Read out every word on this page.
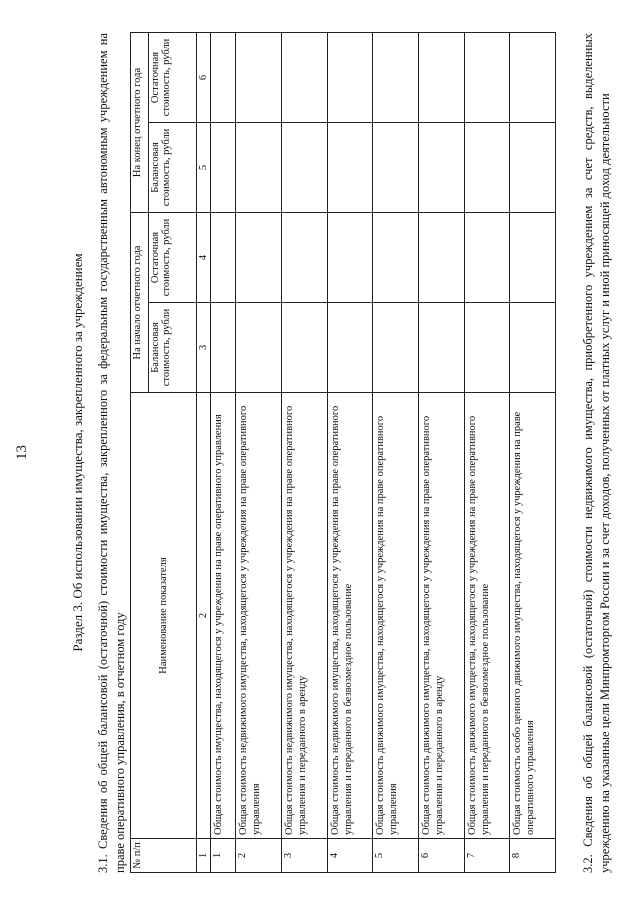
13	Раздел 3. Об использовании имущества, закрепленного за учреждением 3.1. Сведения об общей балансовой (остаточной) стоимости имущества, закрепленного за федеральным государственным автономным учреждением на праве оперативного управления, в отчетном году № п/п	Наименование показателя	На начало отчетного года		На конец отчетного года	
		Балансовая стоимость, рубли	Остаточная стоимость, рубли	Балансовая стоимость, рубли	Остаточная стоимость, рубли
1	2	3	4	5	6
1	Общая стоимость имущества, находящегося у учреждения на праве оперативного управления				
2	Общая стоимость недвижимого имущества, находящегося у учреждения на праве оперативного управления				
3	Общая стоимость недвижимого имущества, находящегося у учреждения на праве оперативного управления и переданного в аренду				
4	Общая стоимость недвижимого имущества, находящегося у учреждения на праве оперативного управления и переданного в безвозмездное пользование				
5	Общая стоимость движимого имущества, находящегося у учреждения на праве оперативного управления				
6	Общая стоимость движимого имущества, находящегося у учреждения на праве оперативного управления и переданного в аренду				
7	Общая стоимость движимого имущества, находящегося у учреждения на праве оперативного управления и переданного в безвозмездное пользование				
8	Общая стоимость особо ценного движимого имущества, находящегося у учреждения на праве оперативного управления					3.2. Сведения об общей балансовой (остаточной) стоимости недвижимого имущества, приобретенного учреждением за счет средств, выделенных учреждению на указанные цели Минпромторгом России и за счет доходов, полученных от платных услуг и иной приносящей доход деятельности
